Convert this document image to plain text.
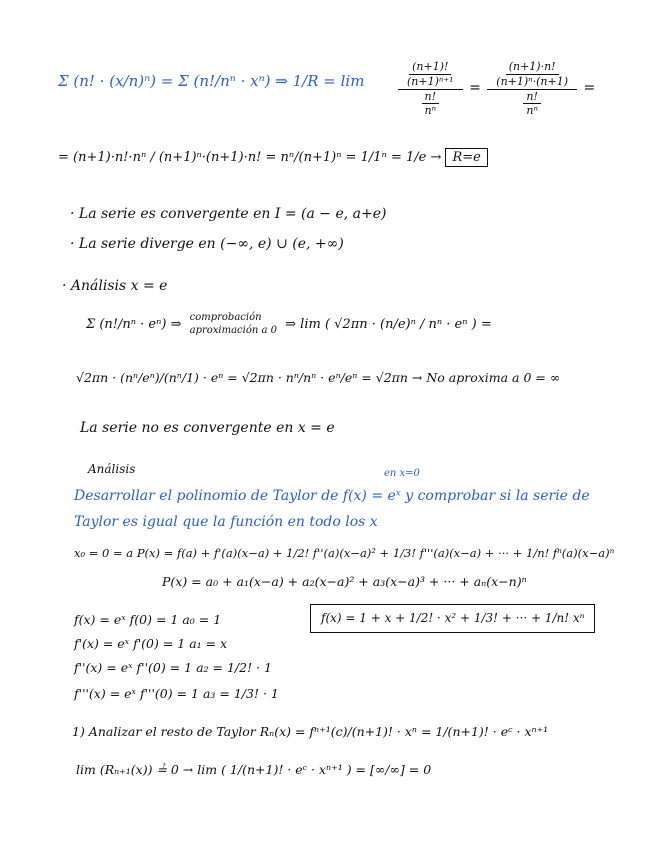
Σ (n! · (x/n)ⁿ) = Σ (n!/nⁿ · xⁿ) ⇒ 1/R = lim	$\frac{\frac{(n+1)!}{\text{(n+1)ⁿ⁺¹}}}{\frac{n!}{\text{nⁿ}}} = \frac{\frac{(n+1)\cdot n!}{\text{(n+1)ⁿ·(n+1)}}}{\frac{n!}{\text{nⁿ}}}$ =
= (n+1)·n!·nⁿ / (n+1)ⁿ·(n+1)·n! = nⁿ/(n+1)ⁿ = 1/1ⁿ = 1/e → R=e
· La serie es convergente en I = (a − e, a+e)
· La serie diverge en (−∞, e) ∪ (e, +∞)
· Análisis x = e
Σ (n!/nⁿ · eⁿ) ⇒ comprobación
aproximación a 0 ⇒ lim ( √2πn · (n/e)ⁿ / nⁿ · eⁿ ) =
√2πn · (nⁿ/eⁿ)/(nⁿ/1) · eⁿ = √2πn · nⁿ/nⁿ · eⁿ/eⁿ = √2πn → No aproxima a 0 = ∞
La serie no es convergente en x = e
Análisis	en x=0
Desarrollar el polinomio de Taylor de f(x) = eˣ y comprobar si la serie de
Taylor es igual que la función en todo los x
x₀ = 0 = a P(x) = f(a) + f'(a)(x−a) + 1/2! f''(a)(x−a)² + 1/3! f'''(a)(x−a) + ··· + 1/n! fⁿ(a)(x−a)ⁿ
P(x) = a₀ + a₁(x−a) + a₂(x−a)² + a₃(x−a)³ + ··· + aₙ(x−n)ⁿ
f(x) = eˣ f(0) = 1 a₀ = 1
f'(x) = eˣ f'(0) = 1 a₁ = x
f''(x) = eˣ f''(0) = 1 a₂ = 1/2! · 1
f'''(x) = eˣ f'''(0) = 1 a₃ = 1/3! · 1
f(x) = 1 + x + 1/2! · x² + 1/3! + ··· + 1/n! xⁿ
1) Analizar el resto de Taylor Rₙ(x) = fⁿ⁺¹(c)/(n+1)! · xⁿ = 1/(n+1)! · eᶜ · xⁿ⁺¹
lim (Rₙ₊₁(x)) ≟ 0 → lim ( 1/(n+1)! · eᶜ · xⁿ⁺¹ ) = [∞/∞] = 0
